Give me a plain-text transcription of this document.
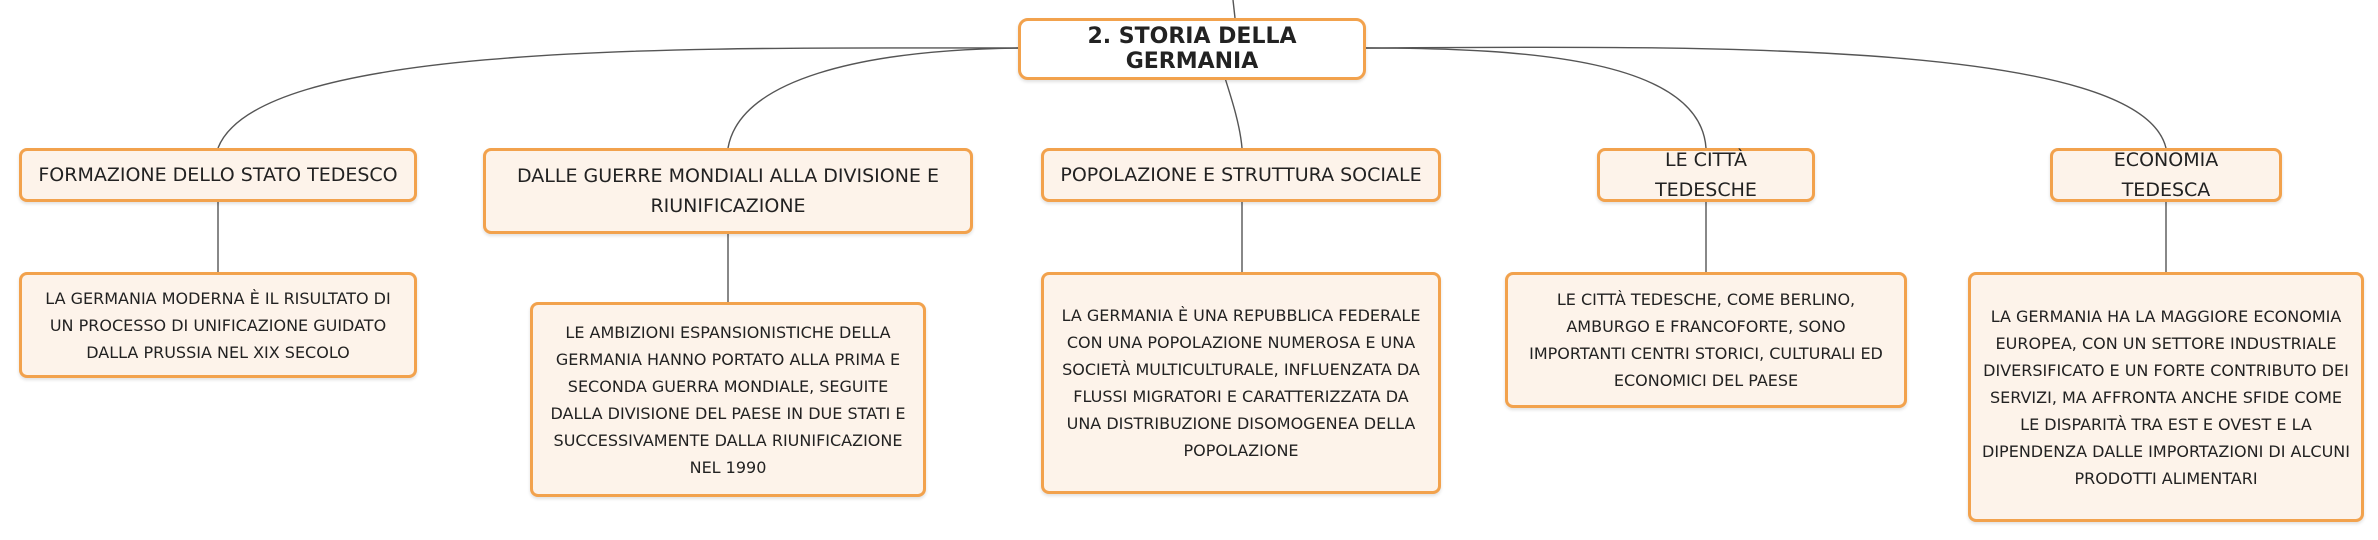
2. STORIA DELLA GERMANIA
FORMAZIONE DELLO STATO TEDESCO
LA GERMANIA MODERNA È IL RISULTATO DI UN PROCESSO DI UNIFICAZIONE GUIDATO DALLA PRUSSIA NEL XIX SECOLO
DALLE GUERRE MONDIALI ALLA DIVISIONE E RIUNIFICAZIONE
LE AMBIZIONI ESPANSIONISTICHE DELLA GERMANIA HANNO PORTATO ALLA PRIMA E SECONDA GUERRA MONDIALE, SEGUITE DALLA DIVISIONE DEL PAESE IN DUE STATI E SUCCESSIVAMENTE DALLA RIUNIFICAZIONE NEL 1990
POPOLAZIONE E STRUTTURA SOCIALE
LA GERMANIA È UNA REPUBBLICA FEDERALE CON UNA POPOLAZIONE NUMEROSA E UNA SOCIETÀ MULTICULTURALE, INFLUENZATA DA FLUSSI MIGRATORI E CARATTERIZZATA DA UNA DISTRIBUZIONE DISOMOGENEA DELLA POPOLAZIONE
LE CITTÀ TEDESCHE
LE CITTÀ TEDESCHE, COME BERLINO, AMBURGO E FRANCOFORTE, SONO IMPORTANTI CENTRI STORICI, CULTURALI ED ECONOMICI DEL PAESE
ECONOMIA TEDESCA
LA GERMANIA HA LA MAGGIORE ECONOMIA EUROPEA, CON UN SETTORE INDUSTRIALE DIVERSIFICATO E UN FORTE CONTRIBUTO DEI SERVIZI, MA AFFRONTA ANCHE SFIDE COME LE DISPARITÀ TRA EST E OVEST E LA DIPENDENZA DALLE IMPORTAZIONI DI ALCUNI PRODOTTI ALIMENTARI
